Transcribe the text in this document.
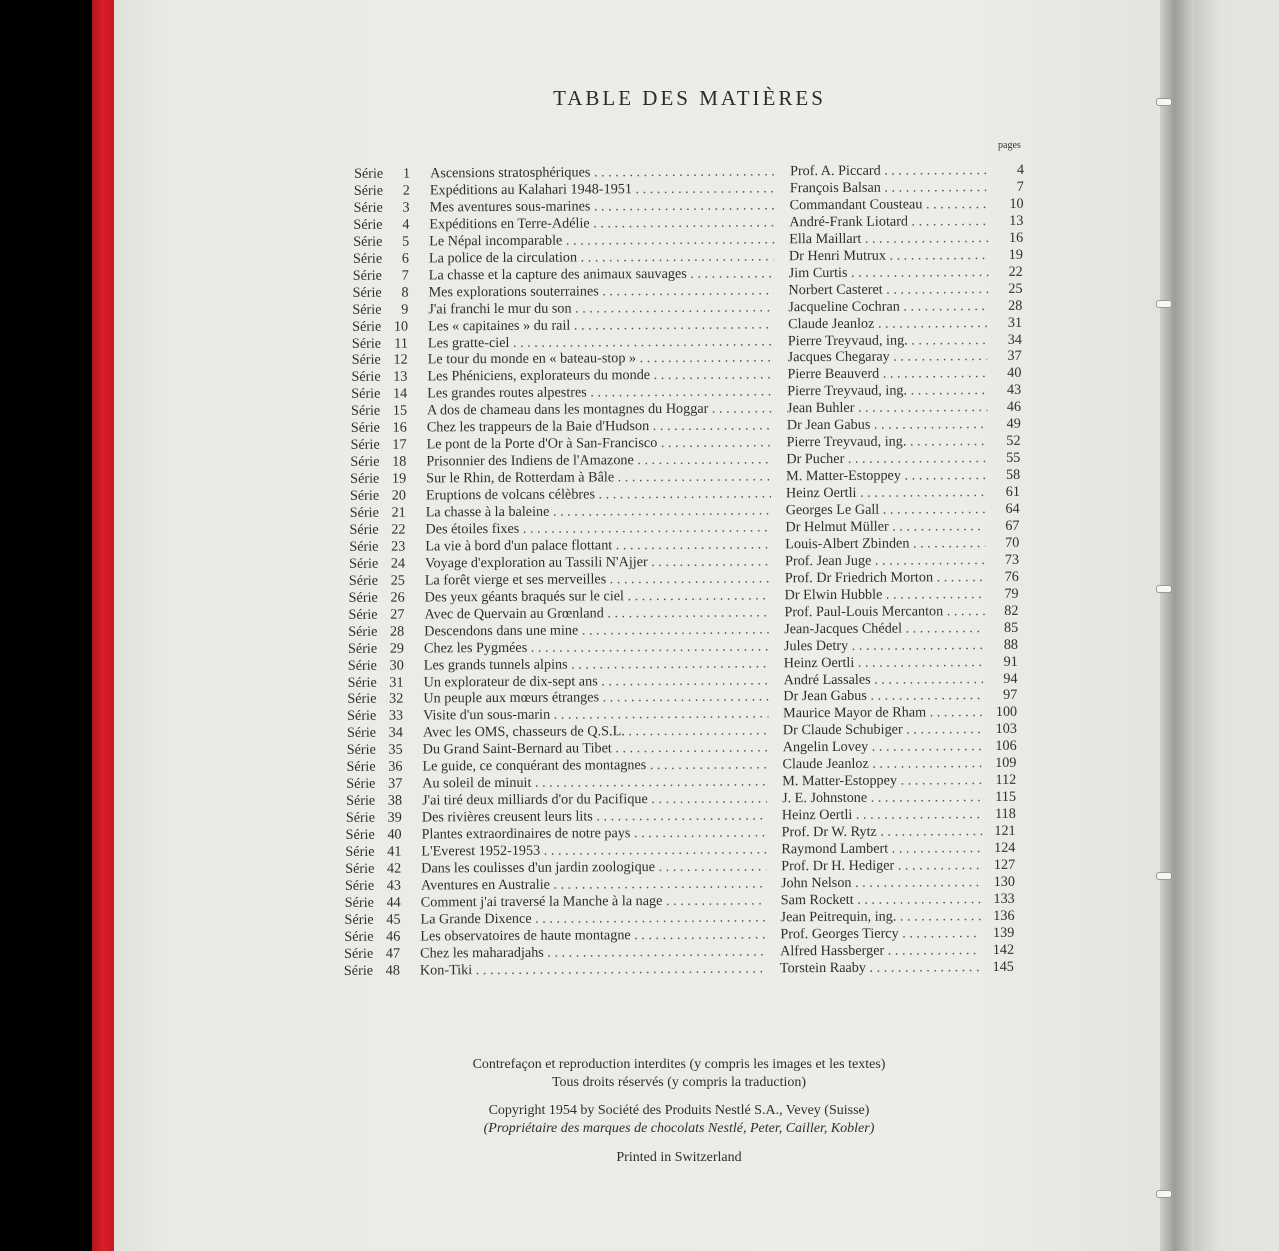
TABLE DES MATIÈRES
pages
Série	1 Ascensions stratosphériques . . .	Prof. A. Piccard . . .	4
Série	2 Expéditions au Kalahari 1948-1951 . . .	François Balsan . . .	7
Série	3 Mes aventures sous-marines . . .	Commandant Cousteau . . .	10
Série	4 Expéditions en Terre-Adélie . . .	André-Frank Liotard . . .	13
Série	5 Le Népal incomparable . . .	Ella Maillart . . .	16
Série	6 La police de la circulation . . .	Dr Henri Mutrux . . .	19
Série	7 La chasse et la capture des animaux sauvages . . .	Jim Curtis . . .	22
Série	8 Mes explorations souterraines . . .	Norbert Casteret . . .	25
Série	9 J'ai franchi le mur du son . . .	Jacqueline Cochran . . .	28
Série 10 Les « capitaines » du rail . . .	Claude Jeanloz . . .	31
Série 11 Les gratte-ciel . . .	Pierre Treyvaud, ing. . . .	34
Série 12 Le tour du monde en « bateau-stop » . . .	Jacques Chegaray . . .	37
Série 13 Les Phéniciens, explorateurs du monde . . .	Pierre Beauverd . . .	40
Série 14 Les grandes routes alpestres . . .	Pierre Treyvaud, ing. . . .	43
Série 15 A dos de chameau dans les montagnes du Hoggar . . .	Jean Buhler . . .	46
Série 16 Chez les trappeurs de la Baie d'Hudson . . .	Dr Jean Gabus . . .	49
Série 17 Le pont de la Porte d'Or à San-Francisco . . .	Pierre Treyvaud, ing. . . .	52
Série 18 Prisonnier des Indiens de l'Amazone . . .	Dr Pucher . . .	55
Série 19 Sur le Rhin, de Rotterdam à Bâle . . .	M. Matter-Estoppey . . .	58
Série 20 Eruptions de volcans célèbres . . .	Heinz Oertli . . .	61
Série 21 La chasse à la baleine . . .	Georges Le Gall . . .	64
Série 22 Des étoiles fixes . . .	Dr Helmut Müller . . .	67
Série 23 La vie à bord d'un palace flottant . . .	Louis-Albert Zbinden . . .	70
Série 24 Voyage d'exploration au Tassili N'Ajjer . . .	Prof. Jean Juge . . .	73
Série 25 La forêt vierge et ses merveilles . . .	Prof. Dr Friedrich Morton . . .	76
Série 26 Des yeux géants braqués sur le ciel . . .	Dr Elwin Hubble . . .	79
Série 27 Avec de Quervain au Grœnland . . .	Prof. Paul-Louis Mercanton . . .	82
Série 28 Descendons dans une mine . . .	Jean-Jacques Chédel . . .	85
Série 29 Chez les Pygmées . . .	Jules Detry . . .	88
Série 30 Les grands tunnels alpins . . .	Heinz Oertli . . .	91
Série 31 Un explorateur de dix-sept ans . . .	André Lassales . . .	94
Série 32 Un peuple aux mœurs étranges . . .	Dr Jean Gabus . . .	97
Série 33 Visite d'un sous-marin . . .	Maurice Mayor de Rham . . .	100
Série 34 Avec les OMS, chasseurs de Q.S.L. . . .	Dr Claude Schubiger . . .	103
Série 35 Du Grand Saint-Bernard au Tibet . . .	Angelin Lovey . . .	106
Série 36 Le guide, ce conquérant des montagnes . . .	Claude Jeanloz . . .	109
Série 37 Au soleil de minuit . . .	M. Matter-Estoppey . . .	112
Série 38 J'ai tiré deux milliards d'or du Pacifique . . .	J. E. Johnstone . . .	115
Série 39 Des rivières creusent leurs lits . . .	Heinz Oertli . . .	118
Série 40 Plantes extraordinaires de notre pays . . .	Prof. Dr W. Rytz . . .	121
Série 41 L'Everest 1952-1953 . . .	Raymond Lambert . . .	124
Série 42 Dans les coulisses d'un jardin zoologique . . .	Prof. Dr H. Hediger . . .	127
Série 43 Aventures en Australie . . .	John Nelson . . .	130
Série 44 Comment j'ai traversé la Manche à la nage . . .	Sam Rockett . . .	133
Série 45 La Grande Dixence . . .	Jean Peitrequin, ing. . . .	136
Série 46 Les observatoires de haute montagne . . .	Prof. Georges Tiercy . . .	139
Série 47 Chez les maharadjahs . . .	Alfred Hassberger . . .	142
Série 48 Kon-Tiki . . .	Torstein Raaby . . .	145
Contrefaçon et reproduction interdites (y compris les images et les textes)
Tous droits réservés (y compris la traduction)
Copyright 1954 by Société des Produits Nestlé S.A., Vevey (Suisse)
(Propriétaire des marques de chocolats Nestlé, Peter, Cailler, Kobler)
Printed in Switzerland
